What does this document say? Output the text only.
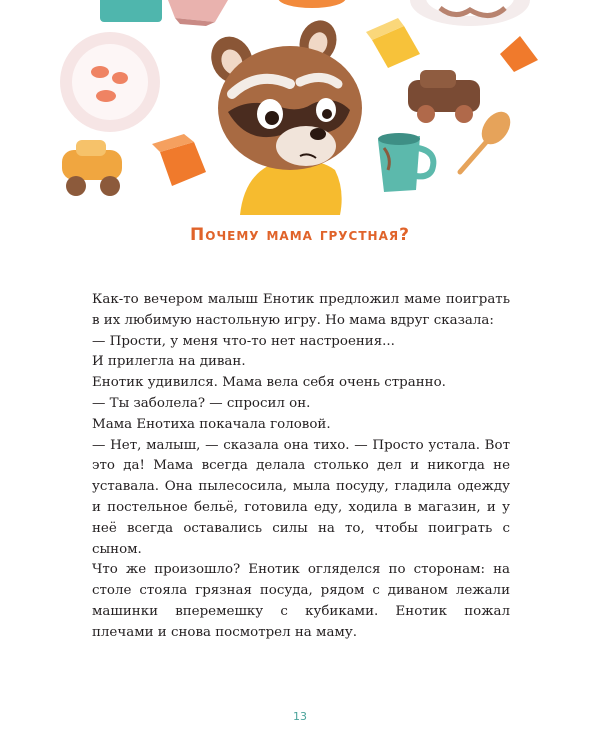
Почему мама грустная?

Как-то вечером малыш Енотик предложил маме поиграть в их любимую настольную игру. Но мама вдруг сказала:

— Прости, у меня что-то нет настроения...

И прилегла на диван.

Енотик удивился. Мама вела себя очень странно.

— Ты заболела? — спросил он.

Мама Енотиха покачала головой.

— Нет, малыш, — сказала она тихо. — Просто устала. Вот это да! Мама всегда делала столько дел и никогда не уставала. Она пылесосила, мыла посуду, гладила одежду и постельное бельё, готовила еду, ходила в магазин, и у неё всегда оставались силы на то, чтобы поиграть с сыном.

Что же произошло? Енотик огляделся по сторонам: на столе стояла грязная посуда, рядом с диваном лежали машинки вперемешку с кубиками. Енотик пожал плечами и снова посмотрел на маму.

13
